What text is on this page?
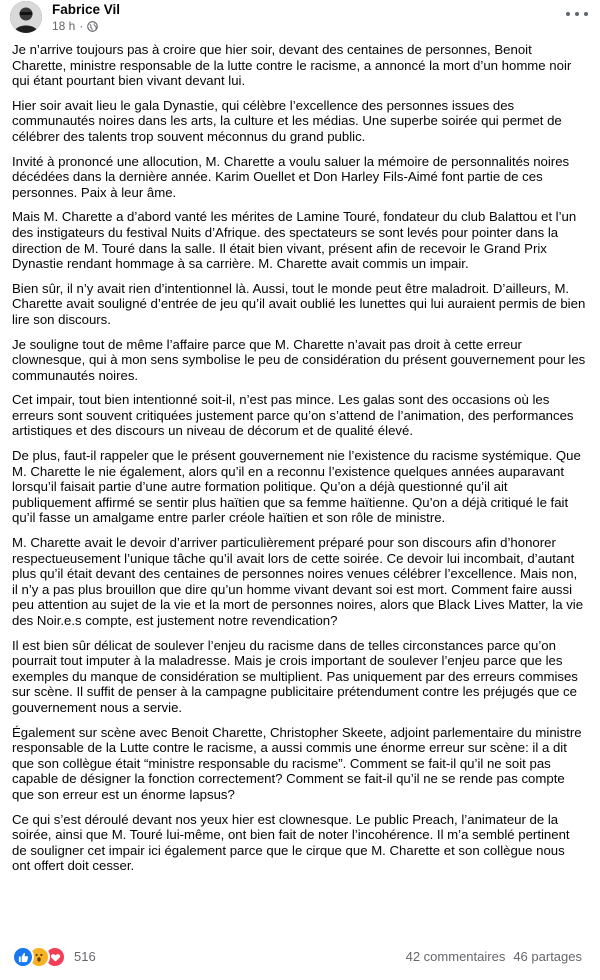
Fabrice Vil
18 h ·

Je n’arrive toujours pas à croire que hier soir, devant des centaines de personnes, Benoit Charette, ministre responsable de la lutte contre le racisme, a annoncé la mort d’un homme noir qui étant pourtant bien vivant devant lui.

Hier soir avait lieu le gala Dynastie, qui célèbre l’excellence des personnes issues des communautés noires dans les arts, la culture et les médias. Une superbe soirée qui permet de célébrer des talents trop souvent méconnus du grand public.

Invité à prononcé une allocution, M. Charette a voulu saluer la mémoire de personnalités noires décédées dans la dernière année. Karim Ouellet et Don Harley Fils-Aimé font partie de ces personnes. Paix à leur âme.

Mais M. Charette a d’abord vanté les mérites de Lamine Touré, fondateur du club Balattou et l’un des instigateurs du festival Nuits d’Afrique. des spectateurs se sont levés pour pointer dans la direction de M. Touré dans la salle. Il était bien vivant, présent afin de recevoir le Grand Prix Dynastie rendant hommage à sa carrière. M. Charette avait commis un impair.

Bien sûr, il n’y avait rien d’intentionnel là. Aussi, tout le monde peut être maladroit. D’ailleurs, M. Charette avait souligné d’entrée de jeu qu’il avait oublié les lunettes qui lui auraient permis de bien lire son discours.

Je souligne tout de même l’affaire parce que M. Charette n’avait pas droit à cette erreur clownesque, qui à mon sens symbolise le peu de considération du présent gouvernement pour les communautés noires.

Cet impair, tout bien intentionné soit-il, n’est pas mince. Les galas sont des occasions où les erreurs sont souvent critiquées justement parce qu’on s’attend de l’animation, des performances artistiques et des discours un niveau de décorum et de qualité élevé.

De plus, faut-il rappeler que le présent gouvernement nie l’existence du racisme systémique. Que M. Charette le nie également, alors qu’il en a reconnu l’existence quelques années auparavant lorsqu’il faisait partie d’une autre formation politique. Qu’on a déjà questionné qu’il ait publiquement affirmé se sentir plus haïtien que sa femme haïtienne. Qu’on a déjà critiqué le fait qu’il fasse un amalgame entre parler créole haïtien et son rôle de ministre.

M. Charette avait le devoir d’arriver particulièrement préparé pour son discours afin d’honorer respectueusement l’unique tâche qu’il avait lors de cette soirée. Ce devoir lui incombait, d’autant plus qu’il était devant des centaines de personnes noires venues célébrer l’excellence. Mais non, il n’y a pas plus brouillon que dire qu’un homme vivant devant soi est mort. Comment faire aussi peu attention au sujet de la vie et la mort de personnes noires, alors que Black Lives Matter, la vie des Noir.e.s compte, est justement notre revendication?

Il est bien sûr délicat de soulever l’enjeu du racisme dans de telles circonstances parce qu’on pourrait tout imputer à la maladresse. Mais je crois important de soulever l’enjeu parce que les exemples du manque de considération se multiplient. Pas uniquement par des erreurs commises sur scène. Il suffit de penser à la campagne publicitaire prétendument contre les préjugés que ce gouvernement nous a servie.

Également sur scène avec Benoit Charette, Christopher Skeete, adjoint parlementaire du ministre responsable de la Lutte contre le racisme, a aussi commis une énorme erreur sur scène: il a dit que son collègue était “ministre responsable du racisme”. Comment se fait-il qu’il ne soit pas capable de désigner la fonction correctement? Comment se fait-il qu’il ne se rende pas compte que son erreur est un énorme lapsus?

Ce qui s’est déroulé devant nos yeux hier est clownesque. Le public Preach, l’animateur de la soirée, ainsi que M. Touré lui-même, ont bien fait de noter l’incohérence. Il m’a semblé pertinent de souligner cet impair ici également parce que le cirque que M. Charette et son collègue nous ont offert doit cesser.

516	42 commentaires 46 partages
